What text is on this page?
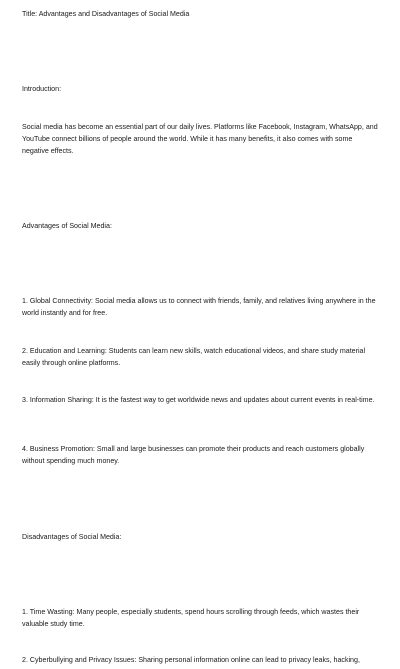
Title: Advantages and Disadvantages of Social Media

Introduction:

Social media has become an essential part of our daily lives. Platforms like Facebook, Instagram, WhatsApp, and YouTube connect billions of people around the world. While it has many benefits, it also comes with some negative effects.

Advantages of Social Media:

1. Global Connectivity: Social media allows us to connect with friends, family, and relatives living anywhere in the world instantly and for free.

2. Education and Learning: Students can learn new skills, watch educational videos, and share study material easily through online platforms.

3. Information Sharing: It is the fastest way to get worldwide news and updates about current events in real-time.

4. Business Promotion: Small and large businesses can promote their products and reach customers globally without spending much money.

Disadvantages of Social Media:

1. Time Wasting: Many people, especially students, spend hours scrolling through feeds, which wastes their valuable study time.

2. Cyberbullying and Privacy Issues: Sharing personal information online can lead to privacy leaks, hacking,
